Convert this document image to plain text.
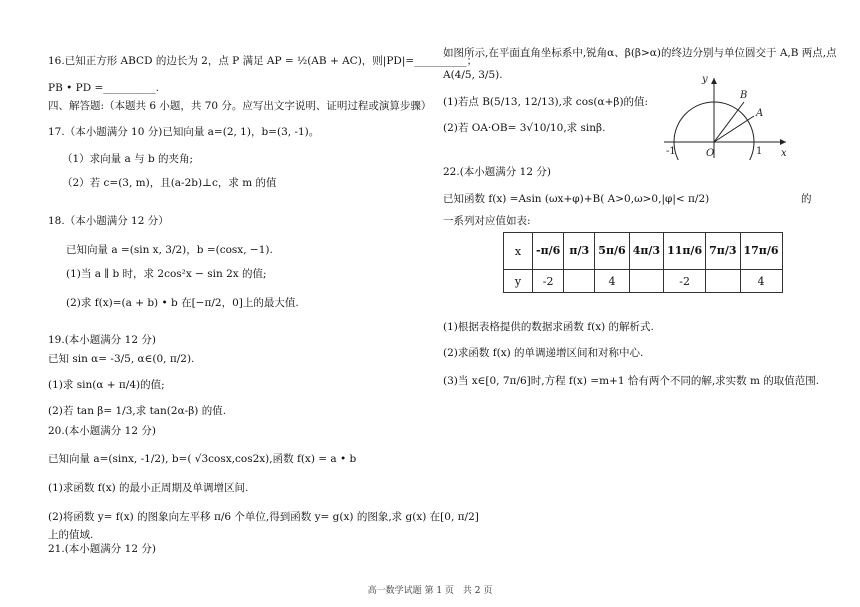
16.已知正方形 ABCD 的边长为 2，点 P 满足 AP = ½(AB + AC)，则|PD|=__________；
PB • PD =__________.
四、解答题:（本题共 6 小题，共 70 分。应写出文字说明、证明过程或演算步骤）
17.（本小题满分 10 分)已知向量 a=(2, 1)，b=(3, -1)。
（1）求向量 a 与 b 的夹角;
（2）若 c=(3, m)，且(a-2b)⊥c，求 m 的值
18.（本小题满分 12 分）
已知向量 a =(sin x, 3/2)，b =(cosx, −1).
(1)当 a ∥ b 时，求 2cos²x − sin 2x 的值;
(2)求 f(x)=(a + b) • b 在[−π/2，0]上的最大值.
19.(本小题满分 12 分)
已知 sin α= -3/5, α∈(0, π/2).
(1)求 sin(α + π/4)的值;
(2)若 tan β= 1/3,求 tan(2α-β) 的值.
20.(本小题满分 12 分)
已知向量 a=(sinx, -1/2), b=( √3cosx,cos2x),函数 f(x) = a • b
(1)求函数 f(x) 的最小正周期及单调增区间.
(2)将函数 y= f(x) 的图象向左平移 π/6 个单位,得到函数 y= g(x) 的图象,求 g(x) 在[0, π/2]
上的值域.
21.(本小题满分 12 分)
如图所示,在平面直角坐标系中,锐角α、β(β>α)的终边分别与单位圆交于 A,B 两点,点
A(4/5, 3/5).
(1)若点 B(5/13, 12/13),求 cos(α+β)的值:
(2)若 OA·OB= 3√10/10,求 sinβ.
y
x
O
-1	1
A
B
22.(本小题满分 12 分)
已知函数 f(x) =Asin (ωx+φ)+B( A>0,ω>0,|φ|< π/2)	的
一系列对应值如表:
x	-π/6	π/3	5π/6	4π/3	11π/6	7π/3	17π/6
y	-2		4		-2		4
(1)根据表格提供的数据求函数 f(x) 的解析式.
(2)求函数 f(x) 的单调递增区间和对称中心.
(3)当 x∈[0, 7π/6]时,方程 f(x) =m+1 恰有两个不同的解,求实数 m 的取值范围.
高一数学试题 第 1 页　共 2 页
